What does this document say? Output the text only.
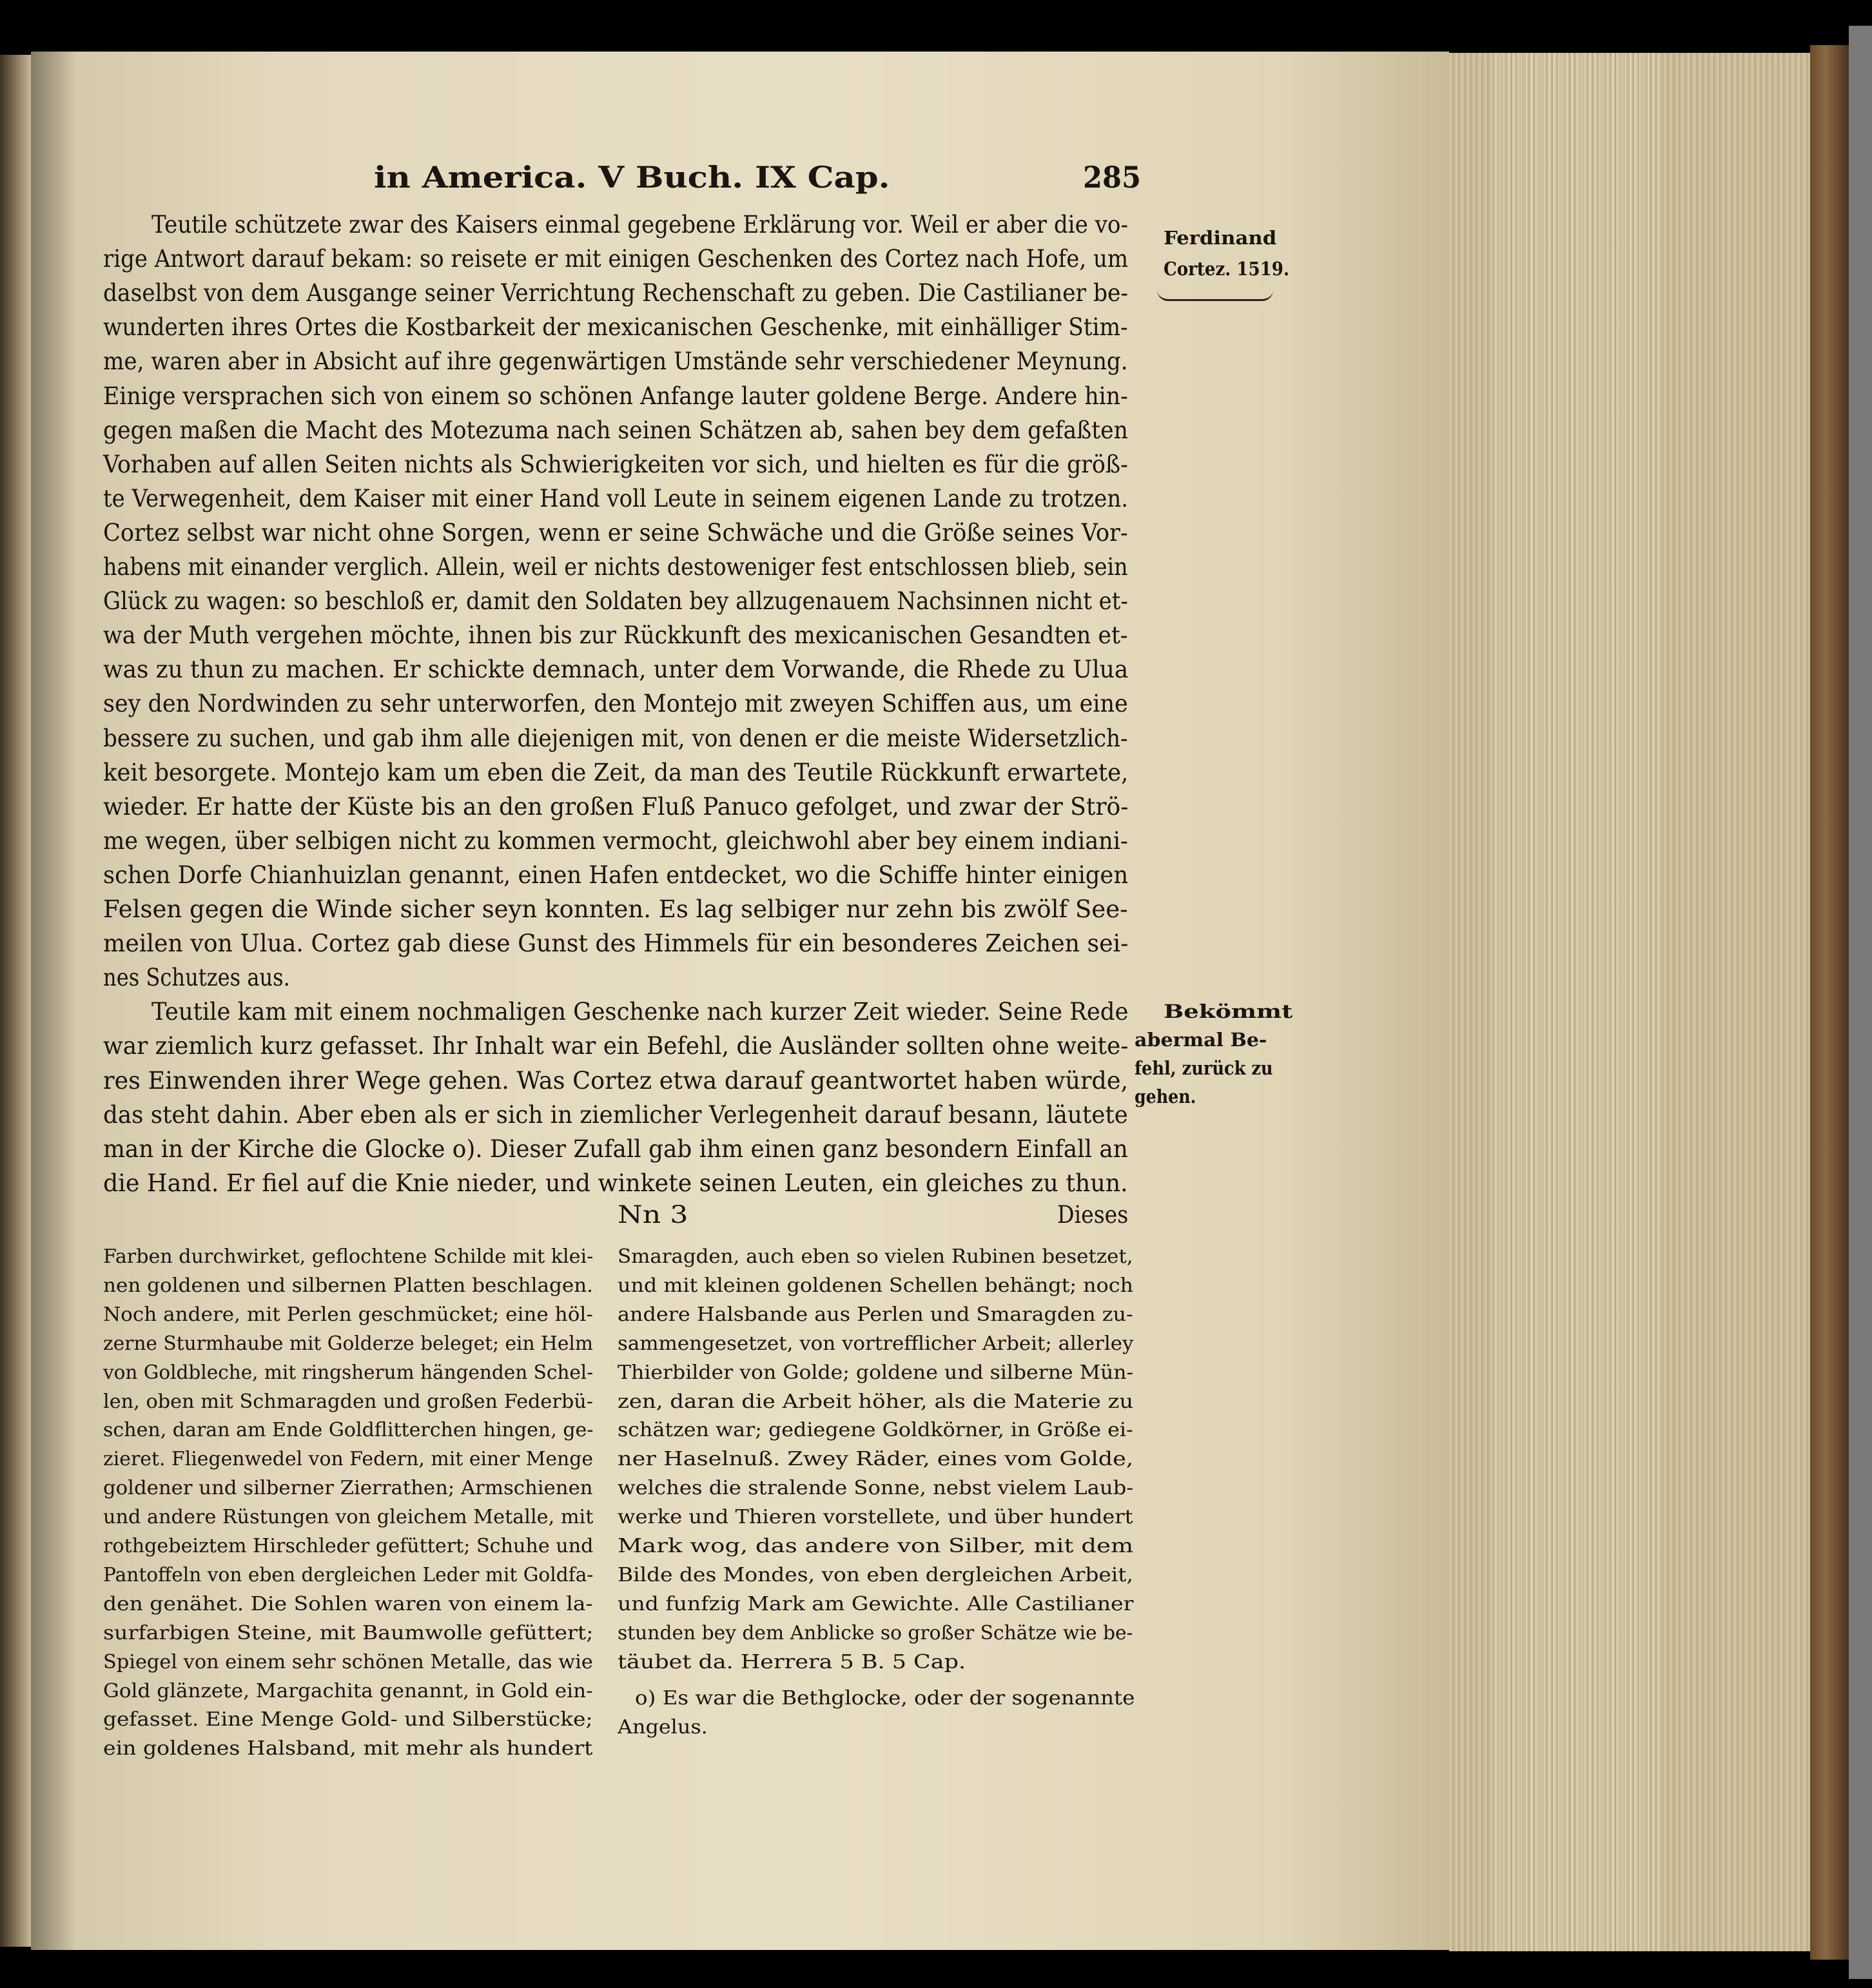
in America. V Buch. IX Cap.	285
Teutile schützete zwar des Kaisers einmal gegebene Erklärung vor. Weil er aber die vo-
rige Antwort darauf bekam: so reisete er mit einigen Geschenken des Cortez nach Hofe, um
daselbst von dem Ausgange seiner Verrichtung Rechenschaft zu geben. Die Castilianer be-
wunderten ihres Ortes die Kostbarkeit der mexicanischen Geschenke, mit einhälliger Stim-
me, waren aber in Absicht auf ihre gegenwärtigen Umstände sehr verschiedener Meynung.
Einige versprachen sich von einem so schönen Anfange lauter goldene Berge. Andere hin-
gegen maßen die Macht des Motezuma nach seinen Schätzen ab, sahen bey dem gefaßten
Vorhaben auf allen Seiten nichts als Schwierigkeiten vor sich, und hielten es für die größ-
te Verwegenheit, dem Kaiser mit einer Hand voll Leute in seinem eigenen Lande zu trotzen.
Cortez selbst war nicht ohne Sorgen, wenn er seine Schwäche und die Größe seines Vor-
habens mit einander verglich. Allein, weil er nichts destoweniger fest entschlossen blieb, sein
Glück zu wagen: so beschloß er, damit den Soldaten bey allzugenauem Nachsinnen nicht et-
wa der Muth vergehen möchte, ihnen bis zur Rückkunft des mexicanischen Gesandten et-
was zu thun zu machen. Er schickte demnach, unter dem Vorwande, die Rhede zu Ulua
sey den Nordwinden zu sehr unterworfen, den Montejo mit zweyen Schiffen aus, um eine
bessere zu suchen, und gab ihm alle diejenigen mit, von denen er die meiste Widersetzlich-
keit besorgete. Montejo kam um eben die Zeit, da man des Teutile Rückkunft erwartete,
wieder. Er hatte der Küste bis an den großen Fluß Panuco gefolget, und zwar der Strö-
me wegen, über selbigen nicht zu kommen vermocht, gleichwohl aber bey einem indiani-
schen Dorfe Chianhuizlan genannt, einen Hafen entdecket, wo die Schiffe hinter einigen
Felsen gegen die Winde sicher seyn konnten. Es lag selbiger nur zehn bis zwölf See-
meilen von Ulua. Cortez gab diese Gunst des Himmels für ein besonderes Zeichen sei-
nes Schutzes aus.
Teutile kam mit einem nochmaligen Geschenke nach kurzer Zeit wieder. Seine Rede
war ziemlich kurz gefasset. Ihr Inhalt war ein Befehl, die Ausländer sollten ohne weite-
res Einwenden ihrer Wege gehen. Was Cortez etwa darauf geantwortet haben würde,
das steht dahin. Aber eben als er sich in ziemlicher Verlegenheit darauf besann, läutete
man in der Kirche die Glocke o). Dieser Zufall gab ihm einen ganz besondern Einfall an
die Hand. Er fiel auf die Knie nieder, und winkete seinen Leuten, ein gleiches zu thun.
Ferdinand
Cortez. 1519.
Bekömmt
abermal Be-
fehl, zurück zu
gehen.
Nn 3	Dieses
Farben durchwirket, geflochtene Schilde mit klei-
nen goldenen und silbernen Platten beschlagen.
Noch andere, mit Perlen geschmücket; eine höl-
zerne Sturmhaube mit Golderze beleget; ein Helm
von Goldbleche, mit ringsherum hängenden Schel-
len, oben mit Schmaragden und großen Federbü-
schen, daran am Ende Goldflitterchen hingen, ge-
zieret. Fliegenwedel von Federn, mit einer Menge
goldener und silberner Zierrathen; Armschienen
und andere Rüstungen von gleichem Metalle, mit
rothgebeiztem Hirschleder gefüttert; Schuhe und
Pantoffeln von eben dergleichen Leder mit Goldfa-
den genähet. Die Sohlen waren von einem la-
surfarbigen Steine, mit Baumwolle gefüttert;
Spiegel von einem sehr schönen Metalle, das wie
Gold glänzete, Margachita genannt, in Gold ein-
gefasset. Eine Menge Gold- und Silberstücke;
ein goldenes Halsband, mit mehr als hundert
Smaragden, auch eben so vielen Rubinen besetzet,
und mit kleinen goldenen Schellen behängt; noch
andere Halsbande aus Perlen und Smaragden zu-
sammengesetzet, von vortrefflicher Arbeit; allerley
Thierbilder von Golde; goldene und silberne Mün-
zen, daran die Arbeit höher, als die Materie zu
schätzen war; gediegene Goldkörner, in Größe ei-
ner Haselnuß. Zwey Räder, eines vom Golde,
welches die stralende Sonne, nebst vielem Laub-
werke und Thieren vorstellete, und über hundert
Mark wog, das andere von Silber, mit dem
Bilde des Mondes, von eben dergleichen Arbeit,
und funfzig Mark am Gewichte. Alle Castilianer
stunden bey dem Anblicke so großer Schätze wie be-
täubet da. Herrera 5 B. 5 Cap.
o) Es war die Bethglocke, oder der sogenannte
Angelus.
